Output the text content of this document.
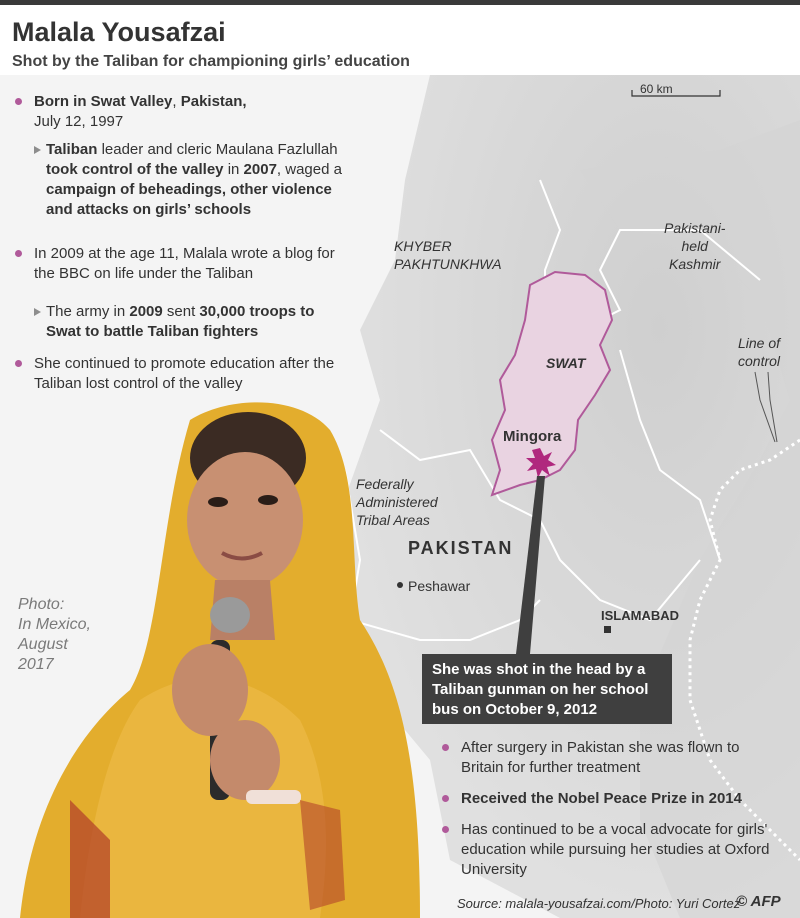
Malala Yousafzai
Shot by the Taliban for championing girls’ education
Born in Swat Valley, Pakistan,
July 12, 1997
Taliban leader and cleric Maulana Fazlullah took control of the valley in 2007, waged a campaign of beheadings, other violence and attacks on girls’ schools
In 2009 at the age 11, Malala wrote a blog for the BBC on life under the Taliban
The army in 2009 sent 30,000 troops to Swat to battle Taliban fighters
She continued to promote education after the Taliban lost control of the valley
60 km
KHYBER
PAKHTUNKHWA
Pakistani-
held
Kashmir
Line of
control
SWAT
Mingora
Federally
Administered
Tribal Areas
PAKISTAN
Peshawar
ISLAMABAD
Photo:
In Mexico,
August
2017	She was shot in the head by a Taliban gunman on her school bus on October 9, 2012
After surgery in Pakistan she was flown to Britain for further treatment
Received the Nobel Peace Prize in 2014
Has continued to be a vocal advocate for girls' education while pursuing her studies at Oxford University
Source: malala-yousafzai.com/Photo: Yuri Cortez
© AFP
